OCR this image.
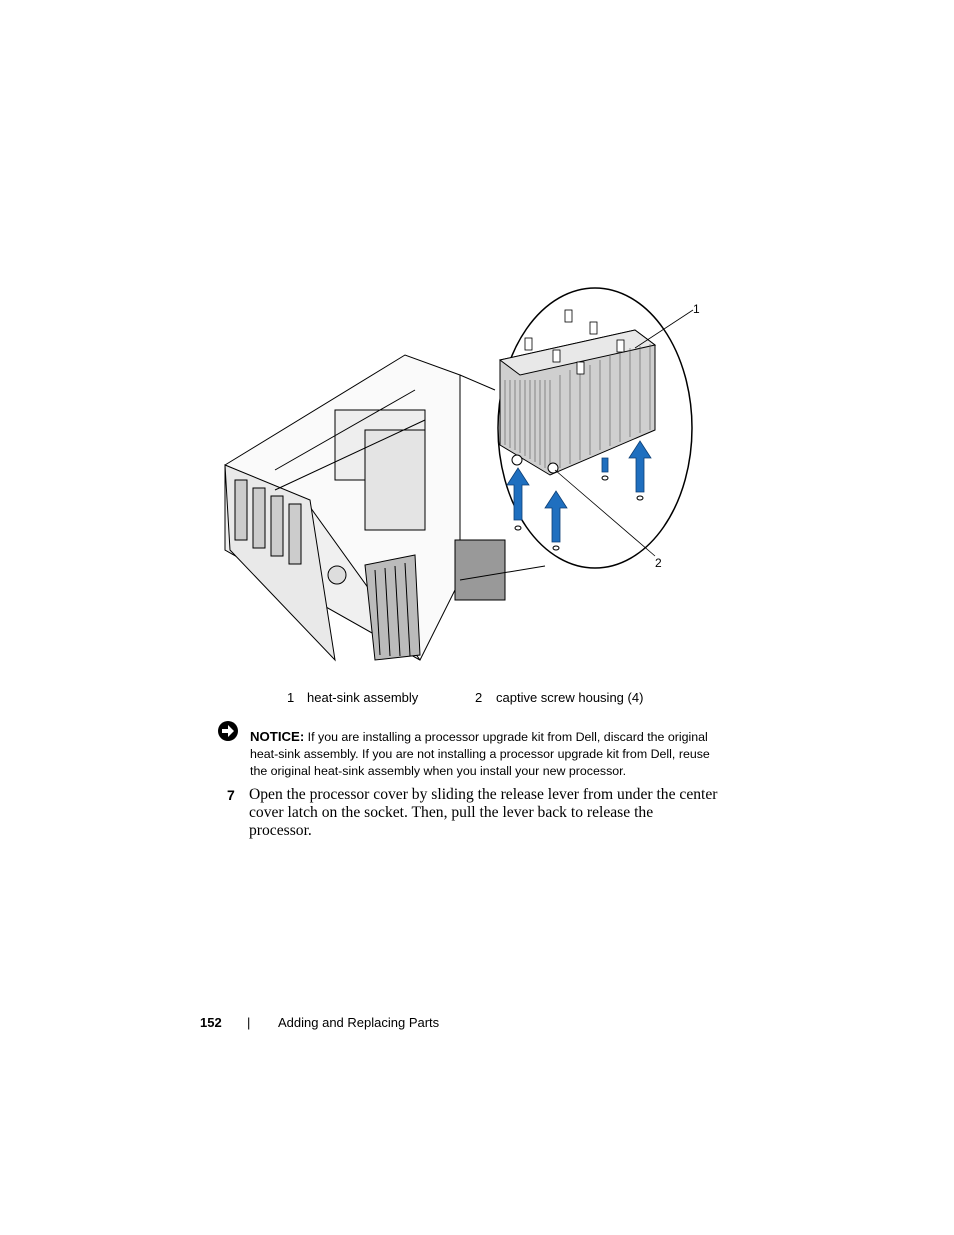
1
2
1 heat-sink assembly	2 captive screw housing (4)
NOTICE: If you are installing a processor upgrade kit from Dell, discard the original heat-sink assembly. If you are not installing a processor upgrade kit from Dell, reuse the original heat-sink assembly when you install your new processor.
7 Open the processor cover by sliding the release lever from under the center cover latch on the socket. Then, pull the lever back to release the processor.
152 | Adding and Replacing Parts
